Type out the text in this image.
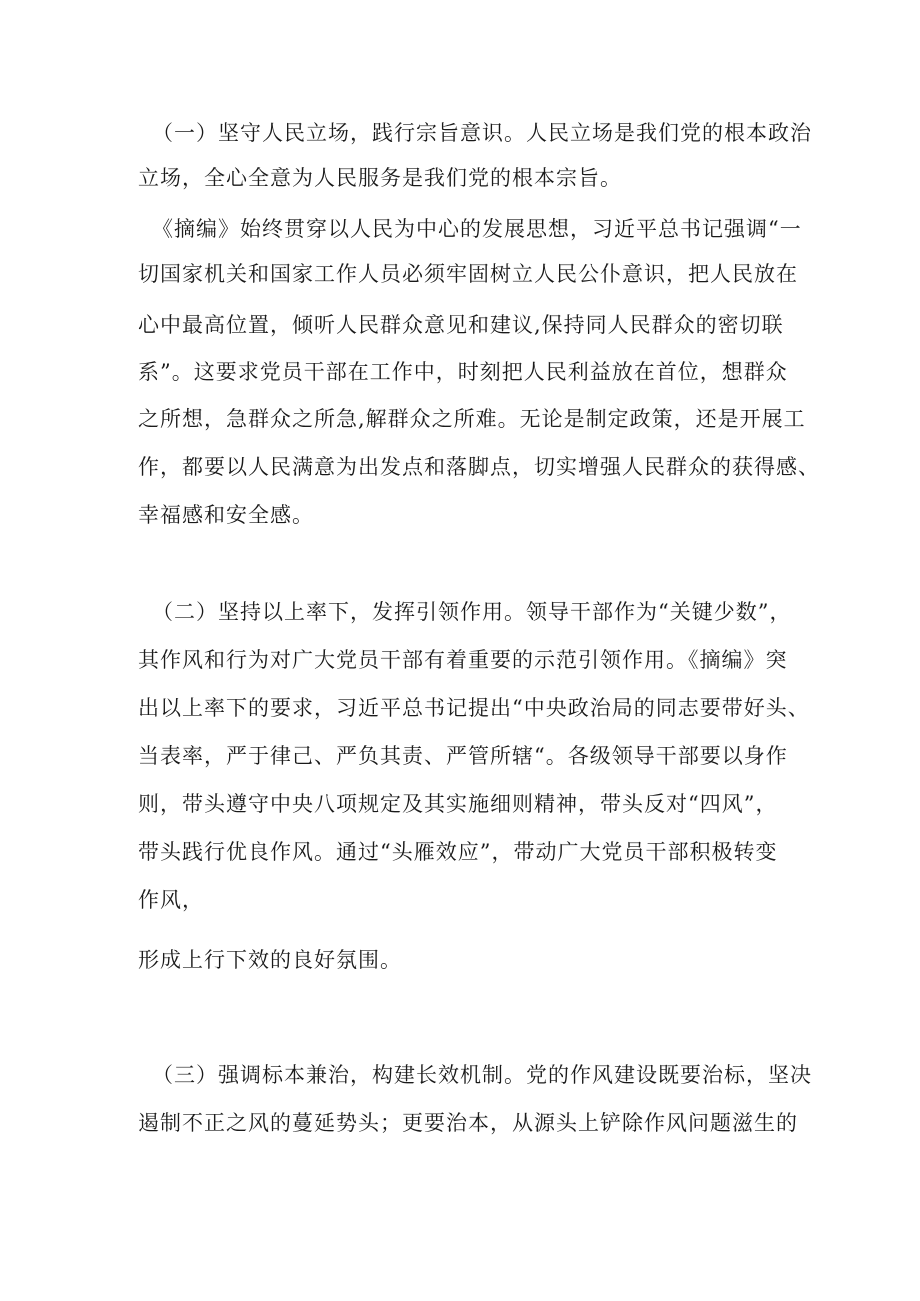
（一）坚守人民立场，践行宗旨意识。人民立场是我们党的根本政治
立场，全心全意为人民服务是我们党的根本宗旨。
《摘编》始终贯穿以人民为中心的发展思想，习近平总书记强调“一
切国家机关和国家工作人员必须牢固树立人民公仆意识，把人民放在
心中最高位置，倾听人民群众意见和建议,保持同人民群众的密切联
系”。这要求党员干部在工作中，时刻把人民利益放在首位，想群众
之所想，急群众之所急,解群众之所难。无论是制定政策，还是开展工
作，都要以人民满意为出发点和落脚点，切实增强人民群众的获得感、
幸福感和安全感。
（二）坚持以上率下，发挥引领作用。领导干部作为“关键少数”，
其作风和行为对广大党员干部有着重要的示范引领作用。《摘编》突
出以上率下的要求，习近平总书记提出“中央政治局的同志要带好头、
当表率，严于律己、严负其责、严管所辖“。各级领导干部要以身作
则，带头遵守中央八项规定及其实施细则精神，带头反对“四风”，
带头践行优良作风。通过“头雁效应”，带动广大党员干部积极转变
作风，
形成上行下效的良好氛围。
（三）强调标本兼治，构建长效机制。党的作风建设既要治标，坚决
遏制不正之风的蔓延势头；更要治本，从源头上铲除作风问题滋生的
